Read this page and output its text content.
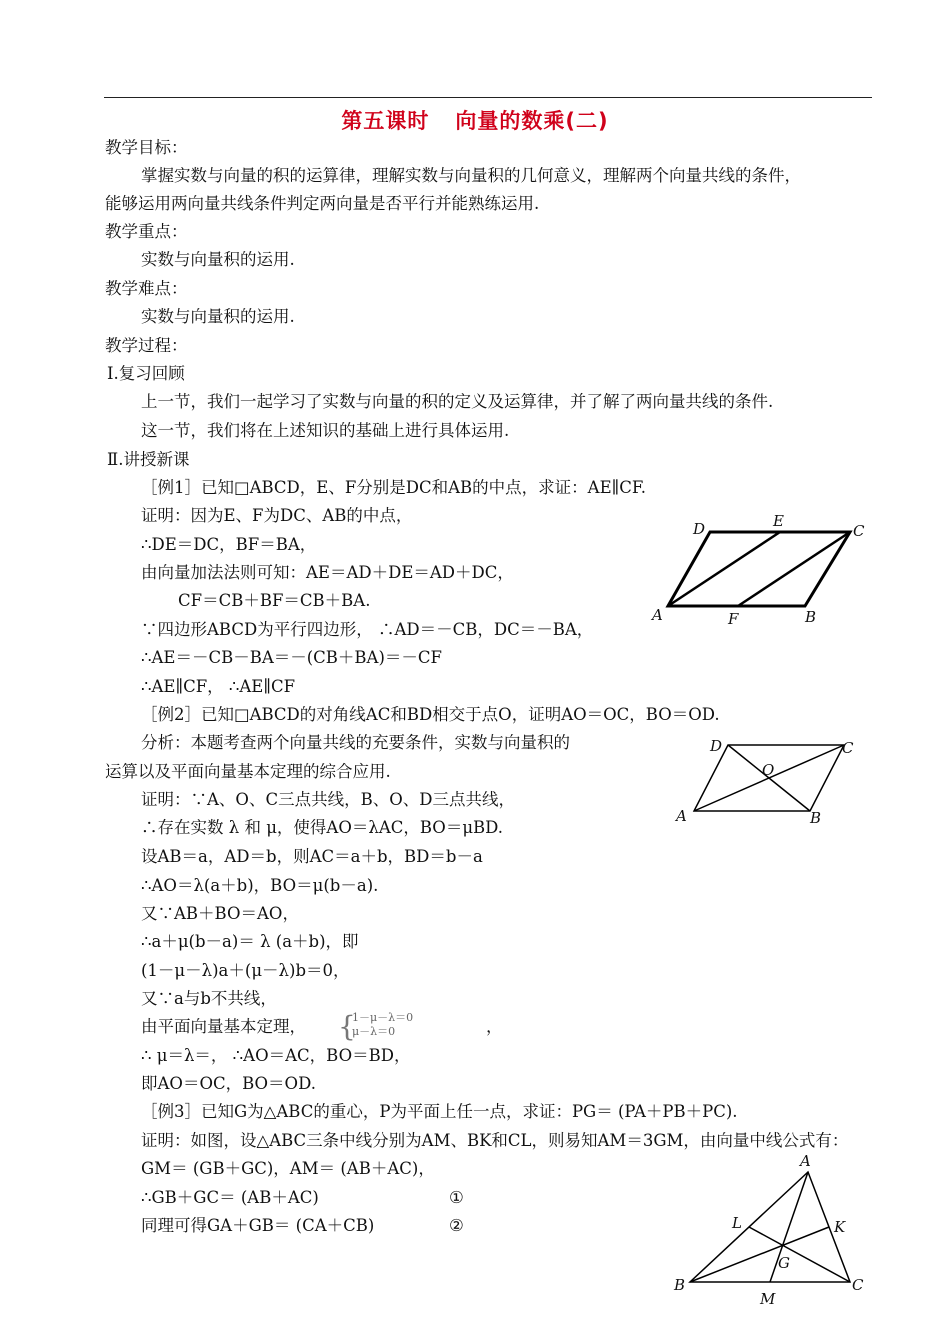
第五课时 向量的数乘(二)
教学目标：
掌握实数与向量的积的运算律，理解实数与向量积的几何意义，理解两个向量共线的条件，
能够运用两向量共线条件判定两向量是否平行并能熟练运用.
教学重点：
实数与向量积的运用.
教学难点：
实数与向量积的运用.
教学过程：
Ⅰ.复习回顾
上一节，我们一起学习了实数与向量的积的定义及运算律，并了解了两向量共线的条件.
这一节，我们将在上述知识的基础上进行具体运用.
Ⅱ.讲授新课
［例1］已知□ABCD，E、F分别是DC和AB的中点，求证：AE∥CF.
证明：因为E、F为DC、AB的中点，
∴DE＝DC，BF＝BA，
由向量加法法则可知：AE＝AD＋DE＝AD＋DC，
CF＝CB＋BF＝CB＋BA.
∵四边形ABCD为平行四边形， ∴AD＝－CB，DC＝－BA，
∴AE＝－CB－BA＝－(CB＋BA)＝－CF
∴AE∥CF， ∴AE∥CF
A	B
C
D	E
F
［例2］已知□ABCD的对角线AC和BD相交于点O，证明AO＝OC，BO＝OD.
分析：本题考查两个向量共线的充要条件，实数与向量积的
运算以及平面向量基本定理的综合应用.
证明：∵A、O、C三点共线，B、O、D三点共线，
∴存在实数 λ 和 μ，使得AO＝λAC，BO＝μBD.
设AB＝a，AD＝b，则AC＝a＋b，BD＝b－a
∴AO＝λ(a＋b)，BO＝μ(b－a).
又∵AB＋BO＝AO，
∴a＋μ(b－a)＝ λ (a＋b)，即
(1－μ－λ)a＋(μ－λ)b＝0，
又∵a与b不共线，
由平面向量基本定理， {
1－μ－λ＝0
μ－λ＝0	，
∴ μ＝λ＝， ∴AO＝AC，BO＝BD，
即AO＝OC，BO＝OD.
A	B
C
D
O
［例3］已知G为△ABC的重心，P为平面上任一点，求证：PG＝ (PA＋PB＋PC).
证明：如图，设△ABC三条中线分别为AM、BK和CL，则易知AM＝3GM，由向量中线公式有：
GM＝ (GB＋GC)，AM＝ (AB＋AC)，
∴GB＋GC＝ (AB＋AC)	①
同理可得GA＋GB＝ (CA＋CB)	②
A
B	C
G
K
L
M
